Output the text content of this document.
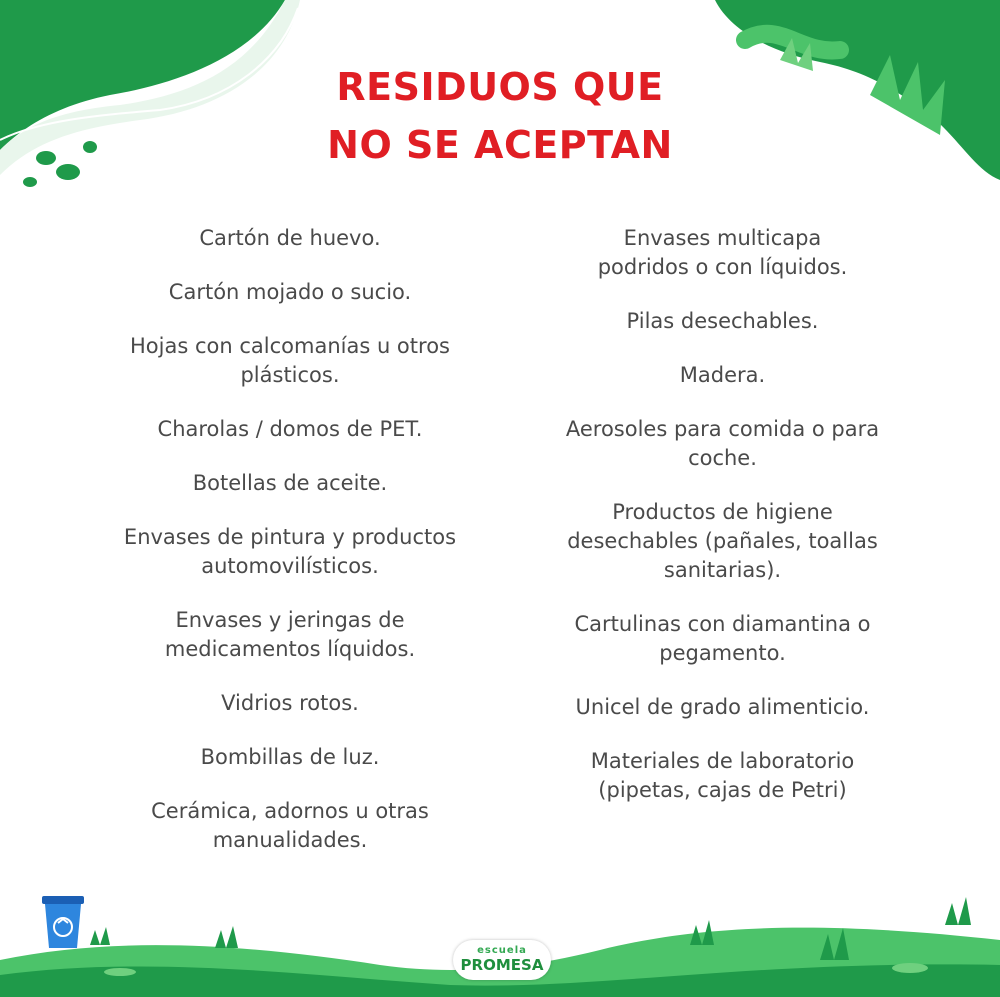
RESIDUOS QUE
NO SE ACEPTAN
Cartón de huevo.
Cartón mojado o sucio.
Hojas con calcomanías u otros
plásticos.
Charolas / domos de PET.
Botellas de aceite.
Envases de pintura y productos
automovilísticos.
Envases y jeringas de
medicamentos líquidos.
Vidrios rotos.
Bombillas de luz.
Cerámica, adornos u otras
manualidades.
Envases multicapa
podridos o con líquidos.
Pilas desechables.
Madera.
Aerosoles para comida o para
coche.
Productos de higiene
desechables (pañales, toallas
sanitarias).
Cartulinas con diamantina o
pegamento.
Unicel de grado alimenticio.
Materiales de laboratorio
(pipetas, cajas de Petri)
escuela
PROMESA
